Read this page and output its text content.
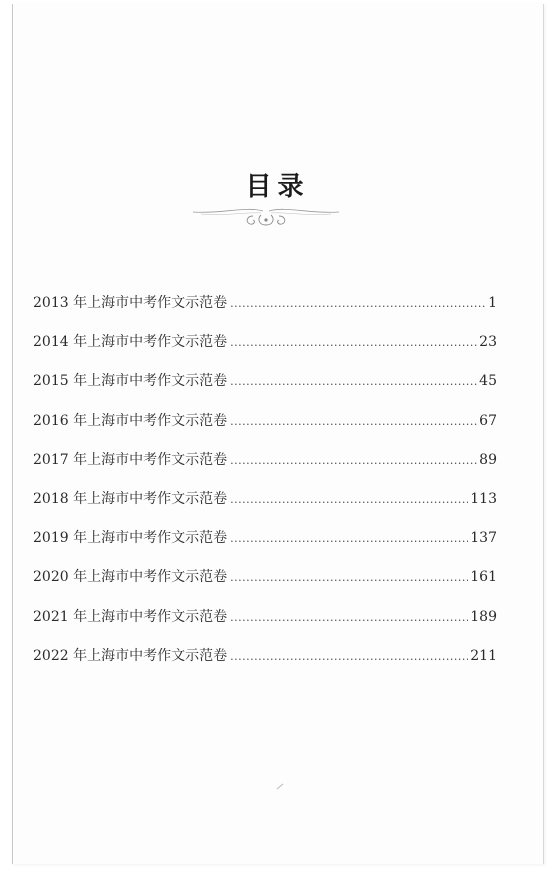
目录
2013 年上海市中考作文示范卷 .....	1
2014 年上海市中考作文示范卷 .....	23
2015 年上海市中考作文示范卷 .....	45
2016 年上海市中考作文示范卷 .....	67
2017 年上海市中考作文示范卷 .....	89
2018 年上海市中考作文示范卷 .....	113
2019 年上海市中考作文示范卷 .....	137
2020 年上海市中考作文示范卷 .....	161
2021 年上海市中考作文示范卷 .....	189
2022 年上海市中考作文示范卷 .....	211
